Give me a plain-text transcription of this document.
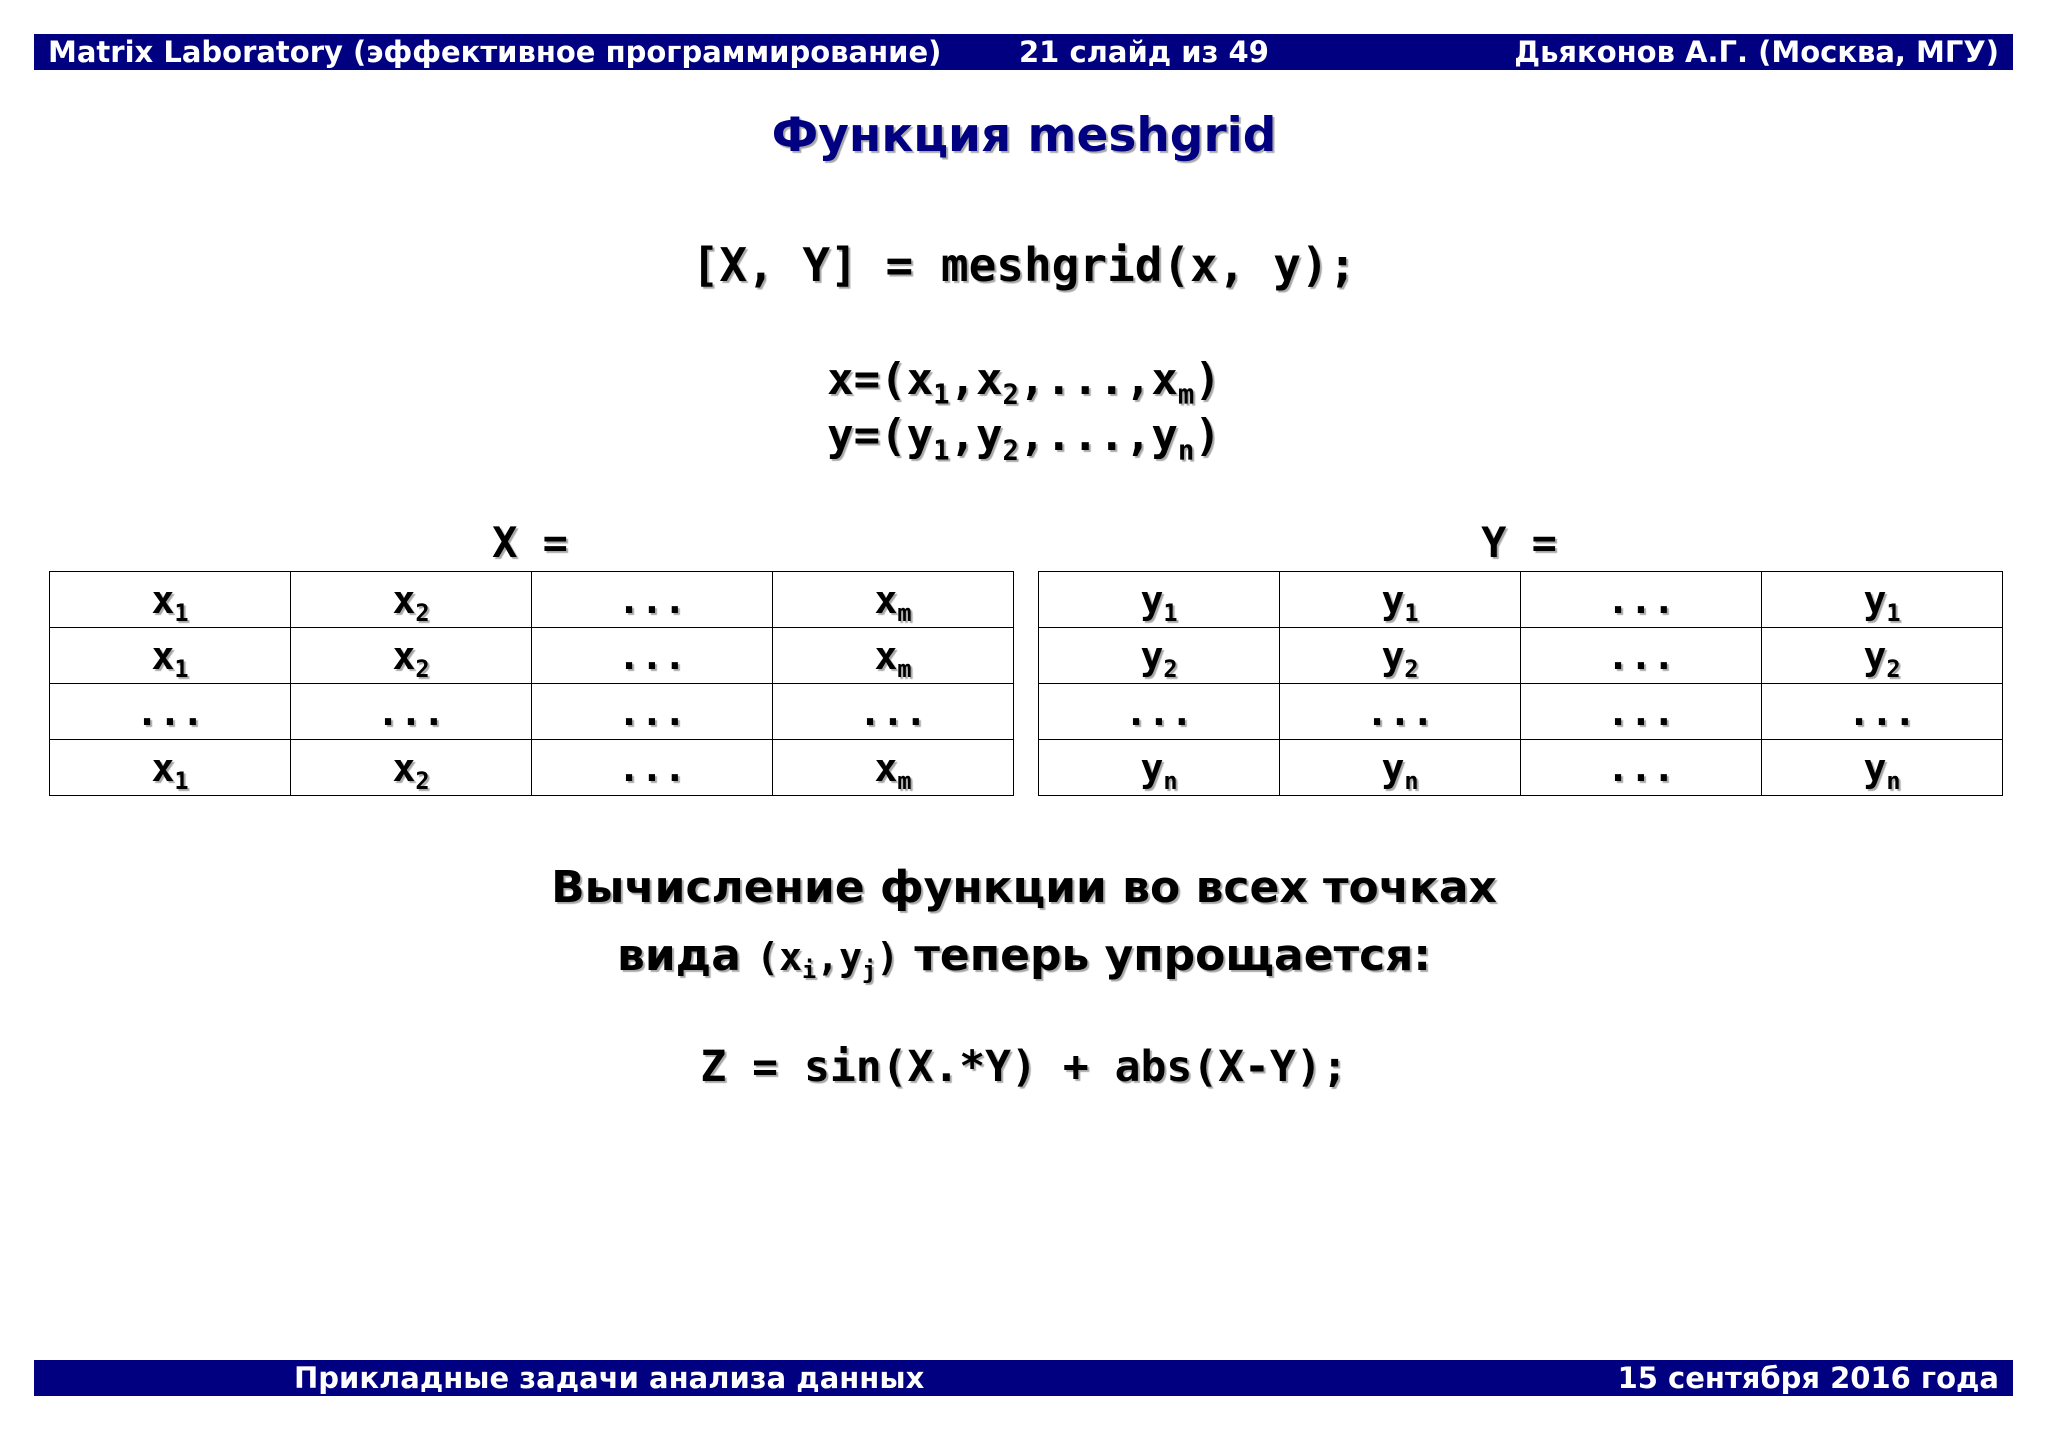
Matrix Laboratory (эффективное программирование)	21 слайд из 49	Дьяконов А.Г. (Москва, МГУ)
Функция meshgrid
[X, Y] = meshgrid(x, y);
$x=(x_1,x_2,...,x_m)$
$y=(y_1,y_2,...,y_n)$
X =	Y =
$x_1$	$x_2$	...	$x_m$
$x_1$	$x_2$	...	$x_m$
...	...	...	...
$x_1$	$x_2$	...	$x_m$
$y_1$	$y_1$	...	$y_1$
$y_2$	$y_2$	...	$y_2$
...	...	...	...
$y_n$	$y_n$	...	$y_n$
Вычисление функции во всех точках
вида $(x_i,y_j)$ теперь упрощается:
Z = sin(X.*Y) + abs(X-Y);
Прикладные задачи анализа данных	15 сентября 2016 года
